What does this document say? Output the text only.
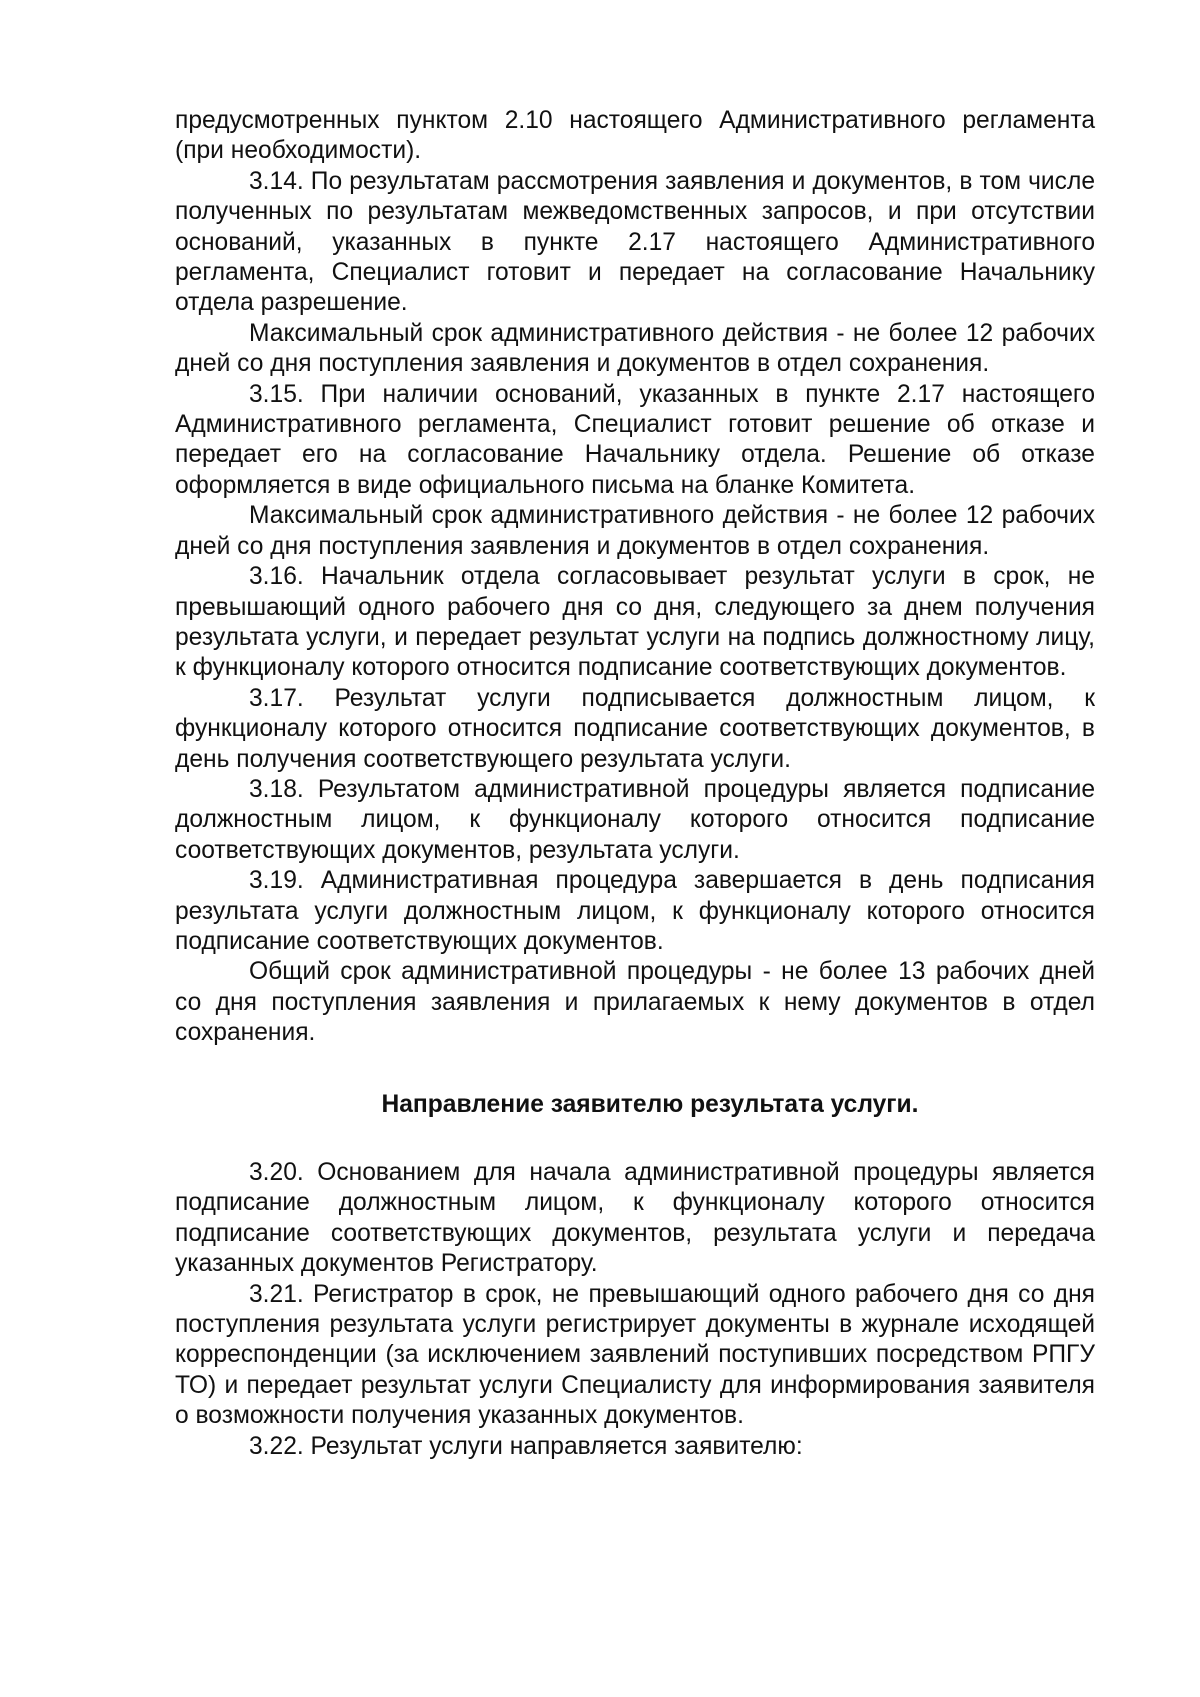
предусмотренных пунктом 2.10 настоящего Административного регламента (при необходимости).

3.14. По результатам рассмотрения заявления и документов, в том числе полученных по результатам межведомственных запросов, и при отсутствии оснований, указанных в пункте 2.17 настоящего Административного регламента, Специалист готовит и передает на согласование Начальнику отдела разрешение.

Максимальный срок административного действия - не более 12 рабочих дней со дня поступления заявления и документов в отдел сохранения.

3.15. При наличии оснований, указанных в пункте 2.17 настоящего Административного регламента, Специалист готовит решение об отказе и передает его на согласование Начальнику отдела. Решение об отказе оформляется в виде официального письма на бланке Комитета.

Максимальный срок административного действия - не более 12 рабочих дней со дня поступления заявления и документов в отдел сохранения.

3.16. Начальник отдела согласовывает результат услуги в срок, не превышающий одного рабочего дня со дня, следующего за днем получения результата услуги, и передает результат услуги на подпись должностному лицу, к функционалу которого относится подписание соответствующих документов.

3.17. Результат услуги подписывается должностным лицом, к функционалу которого относится подписание соответствующих документов, в день получения соответствующего результата услуги.

3.18. Результатом административной процедуры является подписание должностным лицом, к функционалу которого относится подписание соответствующих документов, результата услуги.

3.19. Административная процедура завершается в день подписания результата услуги должностным лицом, к функционалу которого относится подписание соответствующих документов.

Общий срок административной процедуры - не более 13 рабочих дней со дня поступления заявления и прилагаемых к нему документов в отдел сохранения.

Направление заявителю результата услуги.

3.20. Основанием для начала административной процедуры является подписание должностным лицом, к функционалу которого относится подписание соответствующих документов, результата услуги и передача указанных документов Регистратору.

3.21. Регистратор в срок, не превышающий одного рабочего дня со дня поступления результата услуги регистрирует документы в журнале исходящей корреспонденции (за исключением заявлений поступивших посредством РПГУ ТО) и передает результат услуги Специалисту для информирования заявителя о возможности получения указанных документов.

3.22. Результат услуги направляется заявителю:
